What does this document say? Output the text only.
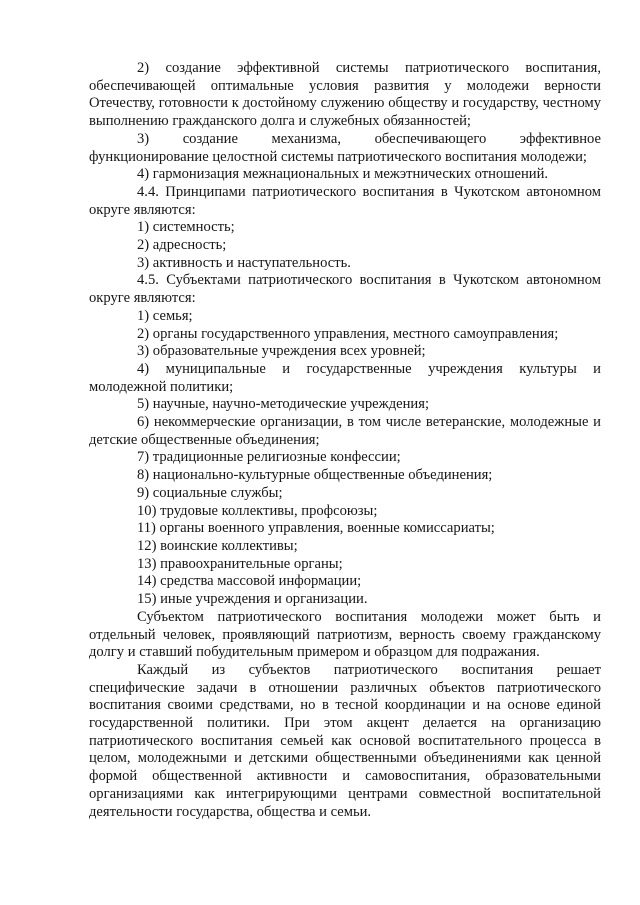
2) создание эффективной системы патриотического воспитания, обеспечивающей оптимальные условия развития у молодежи верности Отечеству, готовности к достойному служению обществу и государству, честному выполнению гражданского долга и служебных обязанностей;

3) создание механизма, обеспечивающего эффективное функционирование целостной системы патриотического воспитания молодежи;

4) гармонизация межнациональных и межэтнических отношений.

4.4. Принципами патриотического воспитания в Чукотском автономном округе являются:

1) системность;

2) адресность;

3) активность и наступательность.

4.5. Субъектами патриотического воспитания в Чукотском автономном округе являются:

1) семья;

2) органы государственного управления, местного самоуправления;

3) образовательные учреждения всех уровней;

4) муниципальные и государственные учреждения культуры и молодежной политики;

5) научные, научно-методические учреждения;

6) некоммерческие организации, в том числе ветеранские, молодежные и детские общественные объединения;

7) традиционные религиозные конфессии;

8) национально-культурные общественные объединения;

9) социальные службы;

10) трудовые коллективы, профсоюзы;

11) органы военного управления, военные комиссариаты;

12) воинские коллективы;

13) правоохранительные органы;

14) средства массовой информации;

15) иные учреждения и организации.

Субъектом патриотического воспитания молодежи может быть и отдельный человек, проявляющий патриотизм, верность своему гражданскому долгу и ставший побудительным примером и образцом для подражания.

Каждый из субъектов патриотического воспитания решает специфические задачи в отношении различных объектов патриотического воспитания своими средствами, но в тесной координации и на основе единой государственной политики. При этом акцент делается на организацию патриотического воспитания семьей как основой воспитательного процесса в целом, молодежными и детскими общественными объединениями как ценной формой общественной активности и самовоспитания, образовательными организациями как интегрирующими центрами совместной воспитательной деятельности государства, общества и семьи.
